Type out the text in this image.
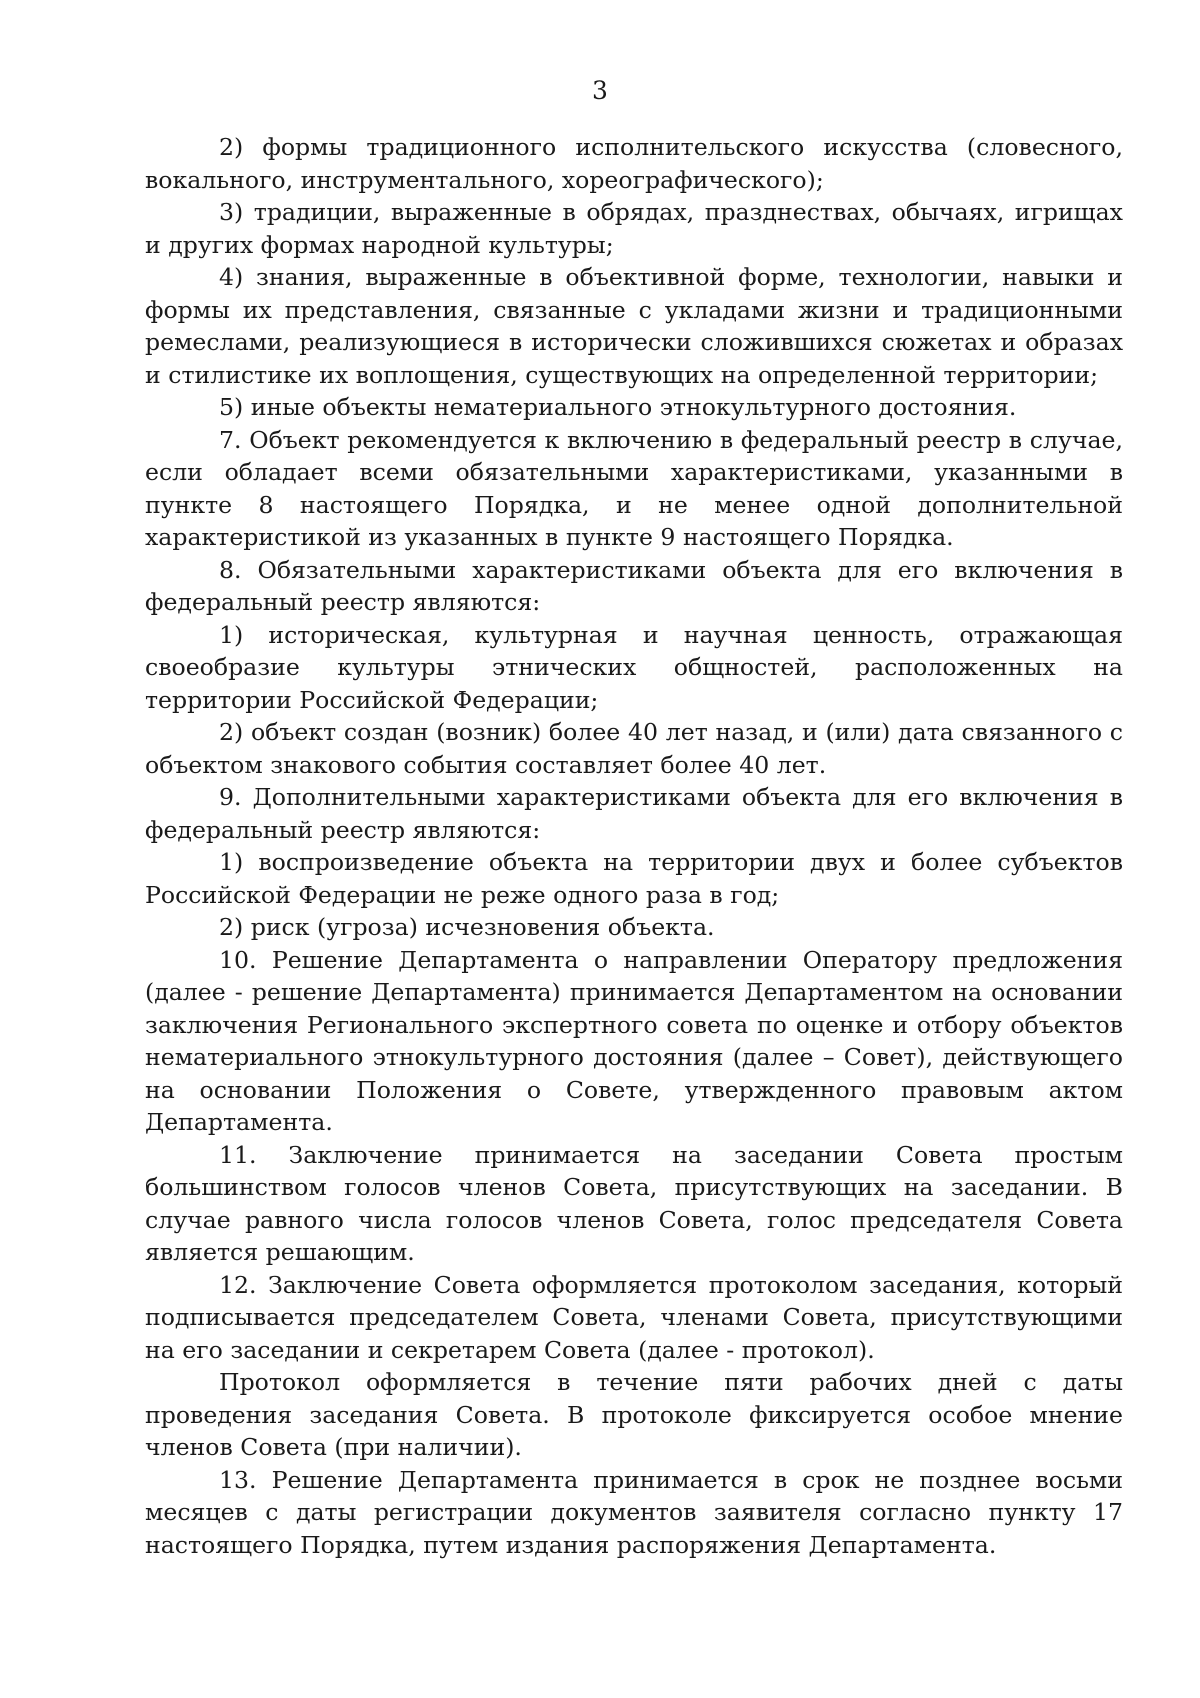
3

2) формы традиционного исполнительского искусства (словесного, вокального, инструментального, хореографического);

3) традиции, выраженные в обрядах, празднествах, обычаях, игрищах и других формах народной культуры;

4) знания, выраженные в объективной форме, технологии, навыки и формы их представления, связанные с укладами жизни и традиционными ремеслами, реализующиеся в исторически сложившихся сюжетах и образах и стилистике их воплощения, существующих на определенной территории;

5) иные объекты нематериального этнокультурного достояния.

7. Объект рекомендуется к включению в федеральный реестр в случае, если обладает всеми обязательными характеристиками, указанными в пункте 8 настоящего Порядка, и не менее одной дополнительной характеристикой из указанных в пункте 9 настоящего Порядка.

8. Обязательными характеристиками объекта для его включения в федеральный реестр являются:

1) историческая, культурная и научная ценность, отражающая своеобразие культуры этнических общностей, расположенных на территории Российской Федерации;

2) объект создан (возник) более 40 лет назад, и (или) дата связанного с объектом знакового события составляет более 40 лет.

9. Дополнительными характеристиками объекта для его включения в федеральный реестр являются:

1) воспроизведение объекта на территории двух и более субъектов Российской Федерации не реже одного раза в год;

2) риск (угроза) исчезновения объекта.

10. Решение Департамента о направлении Оператору предложения (далее - решение Департамента) принимается Департаментом на основании заключения Регионального экспертного совета по оценке и отбору объектов нематериального этнокультурного достояния (далее – Совет), действующего на основании Положения о Совете, утвержденного правовым актом Департамента.

11. Заключение принимается на заседании Совета простым большинством голосов членов Совета, присутствующих на заседании. В случае равного числа голосов членов Совета, голос председателя Совета является решающим.

12. Заключение Совета оформляется протоколом заседания, который подписывается председателем Совета, членами Совета, присутствующими на его заседании и секретарем Совета (далее - протокол).

Протокол оформляется в течение пяти рабочих дней с даты проведения заседания Совета. В протоколе фиксируется особое мнение членов Совета (при наличии).

13. Решение Департамента принимается в срок не позднее восьми месяцев с даты регистрации документов заявителя согласно пункту 17 настоящего Порядка, путем издания распоряжения Департамента.
